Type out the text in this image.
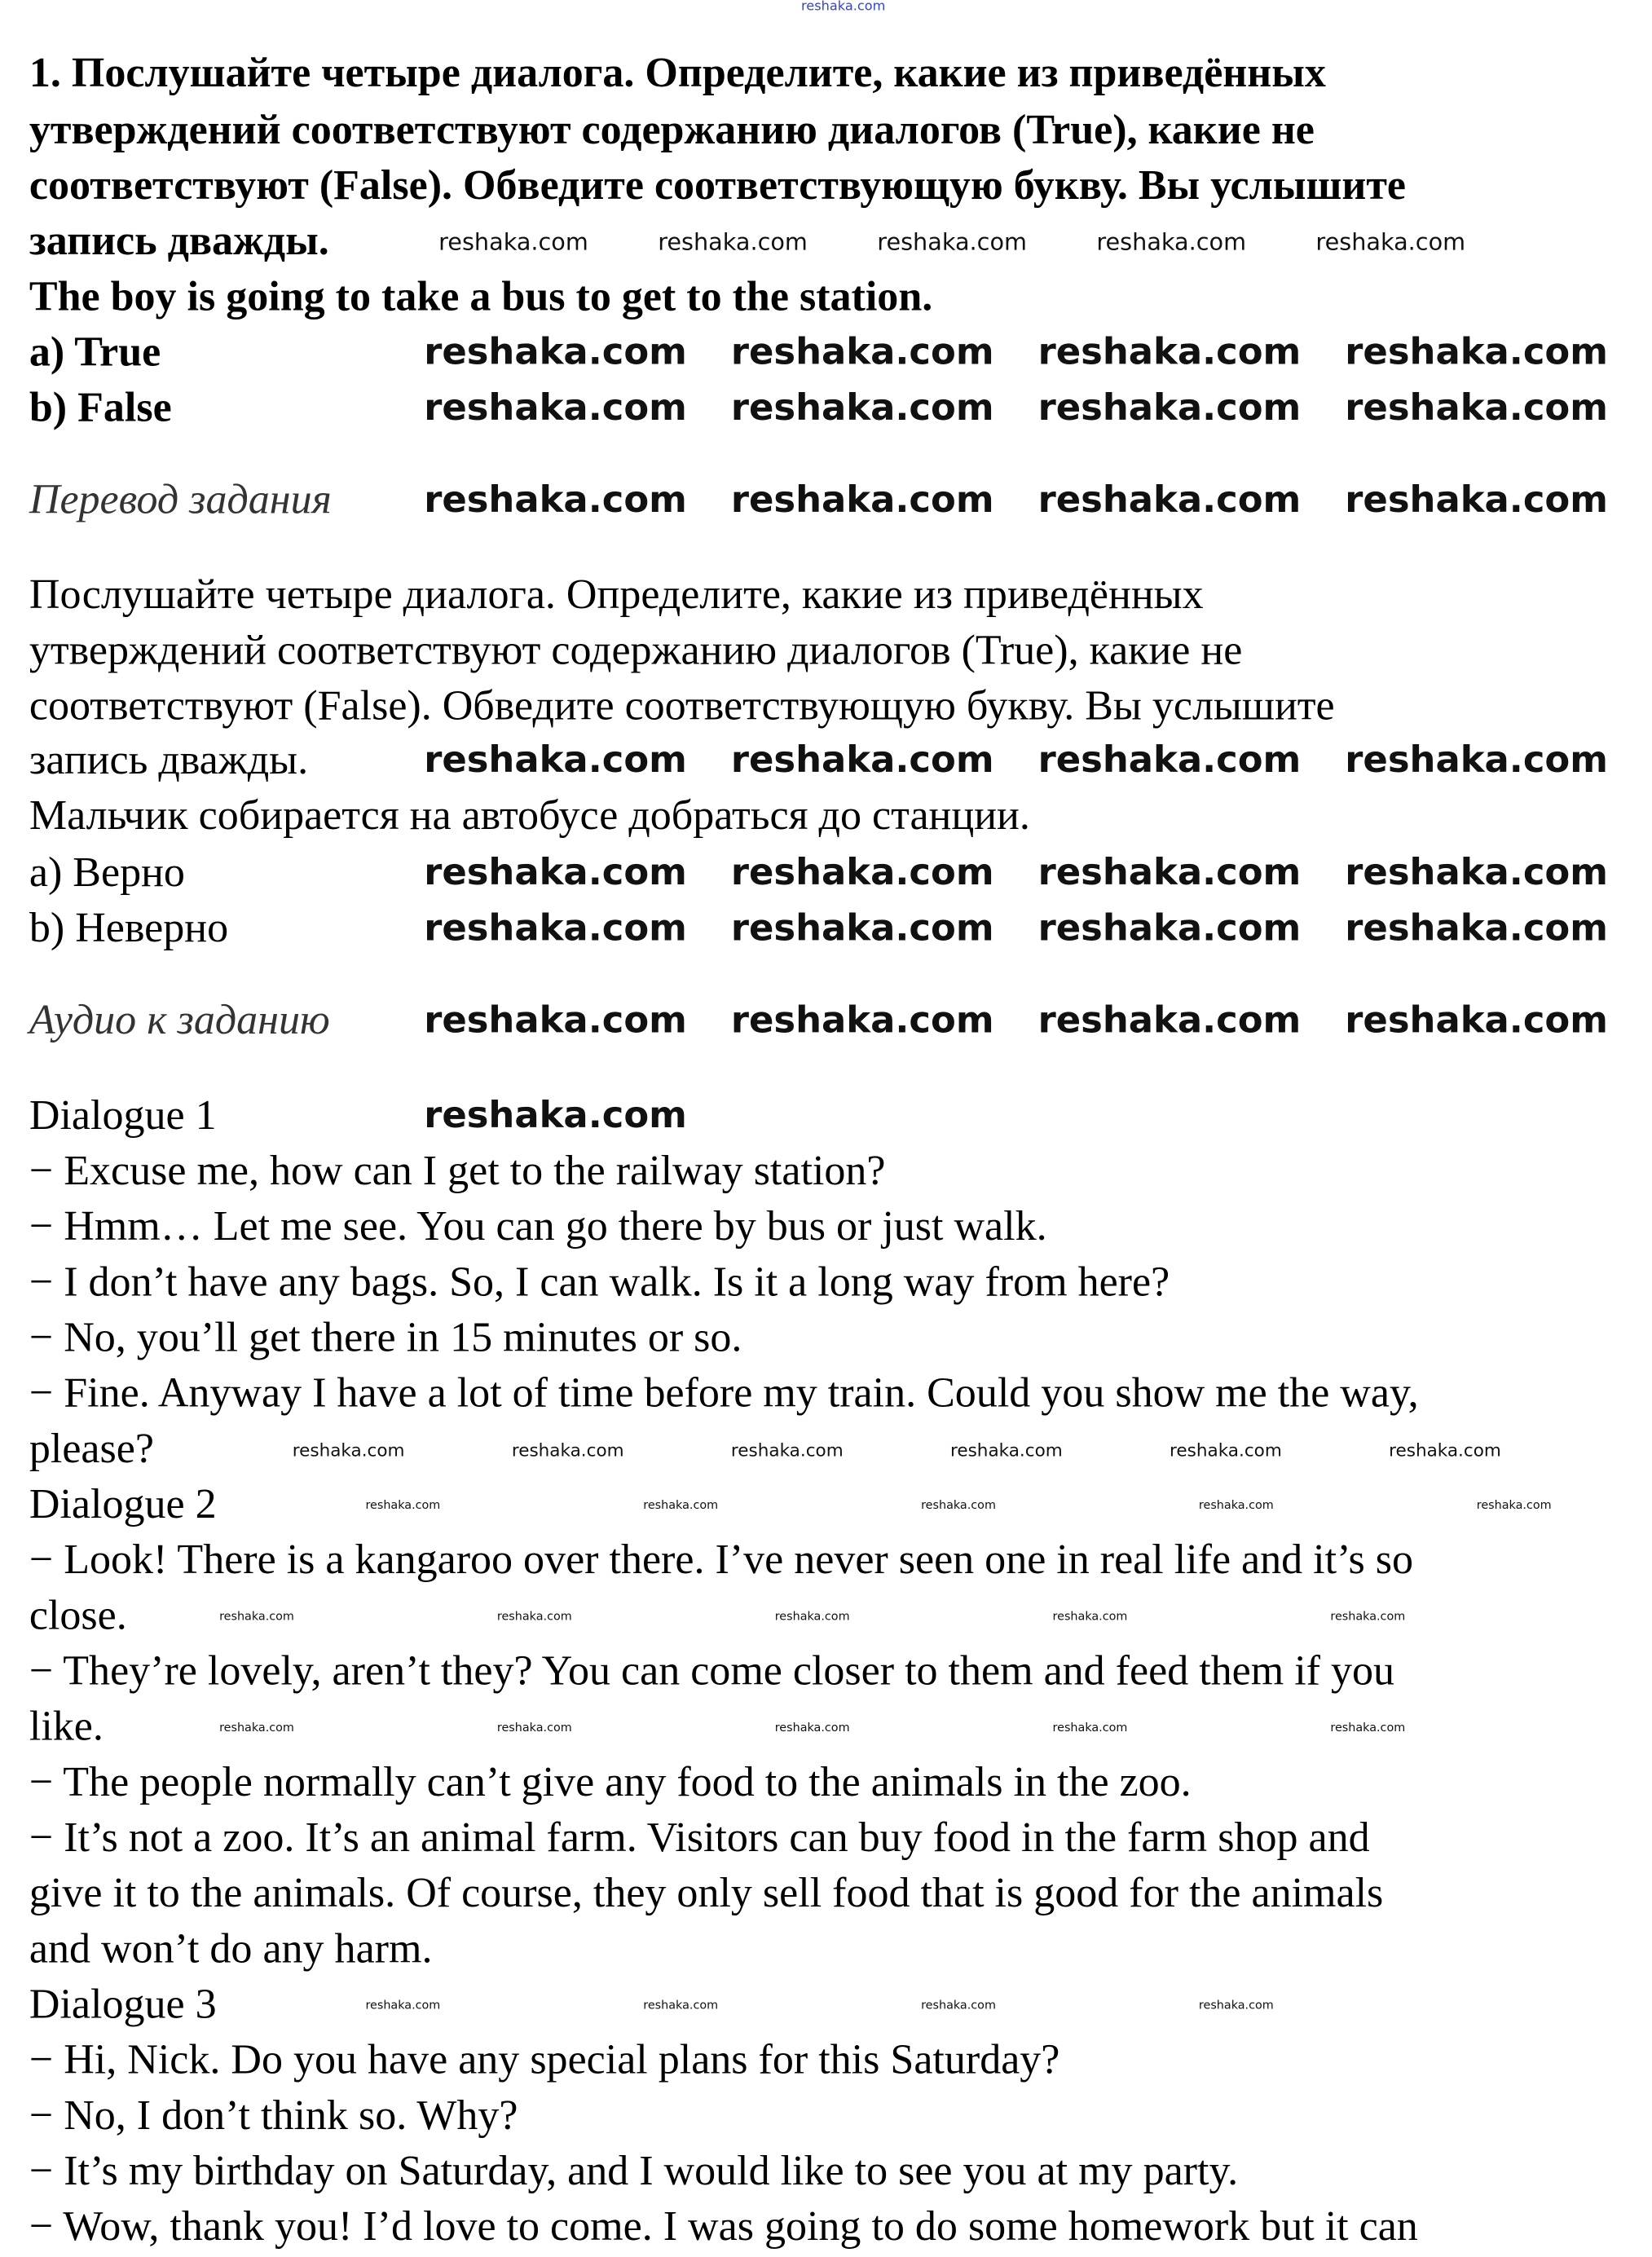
reshaka.com
1. Послушайте четыре диалога. Определите, какие из приведённых
утверждений соответствуют содержанию диалогов (True), какие не
соответствуют (False). Обведите соответствующую букву. Вы услышите
запись дважды.
The boy is going to take a bus to get to the station.
a) True
b) False
Перевод задания
Послушайте четыре диалога. Определите, какие из приведённых
утверждений соответствуют содержанию диалогов (True), какие не
соответствуют (False). Обведите соответствующую букву. Вы услышите
запись дважды.
Мальчик собирается на автобусе добраться до станции.
a) Верно
b) Неверно
Аудио к заданию
Dialogue 1
− Excuse me, how can I get to the railway station?
− Hmm… Let me see. You can go there by bus or just walk.
− I don’t have any bags. So, I can walk. Is it a long way from here?
− No, you’ll get there in 15 minutes or so.
− Fine. Anyway I have a lot of time before my train. Could you show me the way,
please?
Dialogue 2
− Look! There is a kangaroo over there. I’ve never seen one in real life and it’s so
close.
− They’re lovely, aren’t they? You can come closer to them and feed them if you
like.
− The people normally can’t give any food to the animals in the zoo.
− It’s not a zoo. It’s an animal farm. Visitors can buy food in the farm shop and
give it to the animals. Of course, they only sell food that is good for the animals
and won’t do any harm.
Dialogue 3
− Hi, Nick. Do you have any special plans for this Saturday?
− No, I don’t think so. Why?
− It’s my birthday on Saturday, and I would like to see you at my party.
− Wow, thank you! I’d love to come. I was going to do some homework but it can
reshaka.com reshaka.com reshaka.com reshaka.com
reshaka.com reshaka.com reshaka.com reshaka.com
reshaka.com reshaka.com reshaka.com reshaka.com
reshaka.com reshaka.com reshaka.com reshaka.com
reshaka.com reshaka.com reshaka.com reshaka.com
reshaka.com reshaka.com reshaka.com reshaka.com
reshaka.com reshaka.com reshaka.com reshaka.com
reshaka.com
reshaka.com	reshaka.com	reshaka.com	reshaka.com	reshaka.com
reshaka.com	reshaka.com	reshaka.com	reshaka.com	reshaka.com	reshaka.com
reshaka.com	reshaka.com	reshaka.com	reshaka.com	reshaka.com
reshaka.com	reshaka.com	reshaka.com	reshaka.com	reshaka.com
reshaka.com	reshaka.com	reshaka.com	reshaka.com	reshaka.com
reshaka.com	reshaka.com	reshaka.com	reshaka.com
